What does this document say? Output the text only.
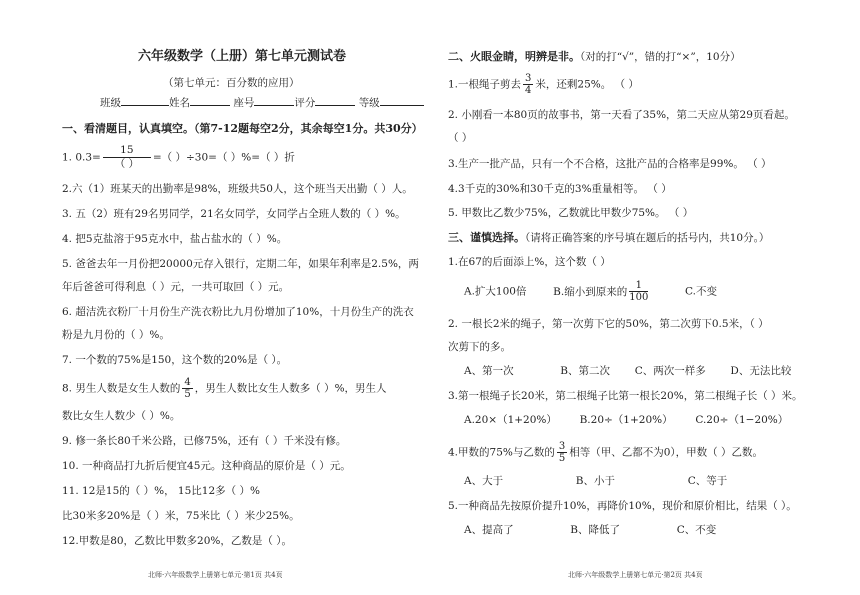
六年级数学（上册）第七单元测试卷
（第七单元：百分数的应用）
班级	姓名	座号	评分	等级
一、看清题目，认真填空。（第7-12题每空2分，其余每空1分。共30分）
1. $0.3= \frac{15}{( )}$ =（ ）÷30=（ ）%=（ ）折
2.六（1）班某天的出勤率是98%，班级共50人，这个班当天出勤（ ）人。
3. 五（2）班有29名男同学，21名女同学，女同学占全班人数的（ ）%。
4. 把5克盐溶于95克水中，盐占盐水的（ ）%。
5. 爸爸去年一月份把20000元存入银行，定期二年，如果年利率是2.5%，两
年后爸爸可得利息（ ）元，一共可取回（ ）元。
6. 超洁洗衣粉厂十月份生产洗衣粉比九月份增加了10%，十月份生产的洗衣
粉是九月份的（ ）%。
7. 一个数的75%是150，这个数的20%是（ ）。
8. 男生人数是女生人数的 $\frac{4}{5}$ ，男生人数比女生人数多（ ）%，男生人
数比女生人数少（ ）%。
9. 修一条长80千米公路，已修75%，还有（ ）千米没有修。
10. 一种商品打九折后便宜45元。这种商品的原价是（ ）元。
11. 12是15的（ ）%， 15比12多（ ）%
比30米多20%是（ ）米，75米比（ ）米少25%。
12.甲数是80，乙数比甲数多20%，乙数是（ ）。
北师·六年级数学上册第七单元·第1页 共4页
二、火眼金睛，明辨是非。（对的打“√”，错的打“×”，10分）
1.一根绳子剪去 $\frac{3}{4}$ 米，还剩25%。 （ ）
2. 小刚看一本80页的故事书，第一天看了35%，第二天应从第29页看起。
（ ）
3.生产一批产品，只有一个不合格，这批产品的合格率是99%。 （ ）
4.3千克的30%和30千克的3%重量相等。 （ ）
5. 甲数比乙数少75%，乙数就比甲数少75%。 （ ）
三、谨慎选择。（请将正确答案的序号填在题后的括号内，共10分。）
1.在67的后面添上%，这个数（ ）
A.扩大100倍	B.缩小到原来的 $\frac{1}{100}$	C.不变
2. 一根长2米的绳子，第一次剪下它的50%，第二次剪下0.5米，（ ）
次剪下的多。
A、第一次	B、第二次 C、两次一样多 D、无法比较
3.第一根绳子长20米，第二根绳子比第一根长20%，第二根绳子长（ ）米。
A.20×（1+20%） B.20÷（1+20%） C.20÷（1−20%）
4.甲数的75%与乙数的 $\frac{3}{5}$ 相等（甲、乙都不为0），甲数（ ）乙数。
A、大于	B、小于	C、等于
5.一种商品先按原价提升10%，再降价10%，现价和原价相比，结果（ ）。
A、提高了	B、降低了	C、不变
北师·六年级数学上册第七单元·第2页 共4页
